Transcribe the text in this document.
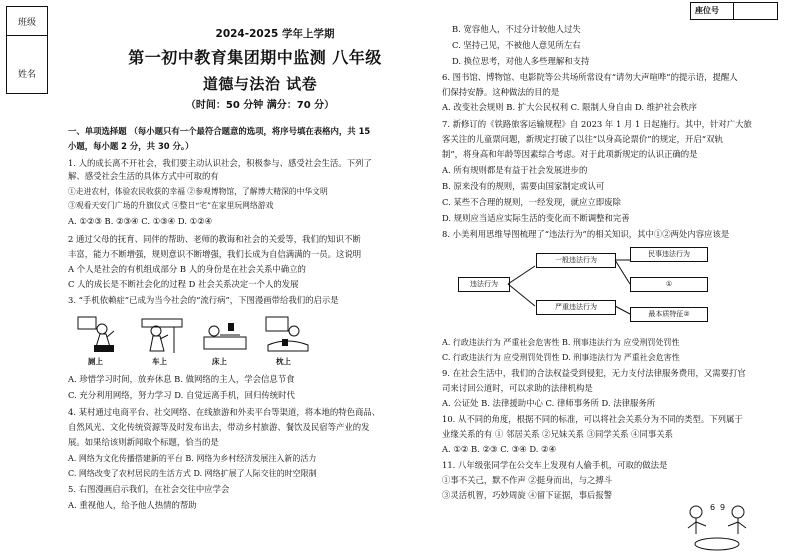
班级
姓名
座位号
2024-2025 学年上学期
第一初中教育集团期中监测 八年级
道德与法治 试卷
（时间：50 分钟 满分：70 分）
一、单项选择题 （每小题只有一个最符合题意的选项，将序号填在表格内，共 15
小题，每小题 2 分，共 30 分。）
1. 人的成长离不开社会，我们要主动认识社会，积极参与、感受社会生活。下列了
解、感受社会生活的具体方式中可取的有
①走进农村，体验农民收获的幸福 ②参观博物馆，了解博大精深的中华文明
③观看天安门广场的升旗仪式 ④整日“宅”在家里玩网络游戏
A. ①②③ B. ②③④ C. ①③④ D. ①②④
2 通过父母的抚育、同伴的帮助、老师的教诲和社会的关爱等，我们的知识不断
丰富，能力不断增强，规则意识不断增强，我们长成为自信满满的一员。这说明
A 个人是社会的有机组成部分 B 人的身份是在社会关系中确立的
C 人的成长是不断社会化的过程 D 社会关系决定一个人的发展
3. “手机依赖症”已成为当今社会的“流行病”，下图漫画带给我们的启示是
厕上	车上	床上	枕上
A. 珍惜学习时间，放弃休息 B. 做网络的主人，学会信息节食
C. 充分利用网络，努力学习 D. 自觉远离手机，回归传统时代
4. 某村通过电商平台、社交网络、在线旅游和外卖平台等渠道，将本地的特色商品、
自然风光、文化传统资源等及时发布出去，带动乡村旅游、餐饮及民宿等产业的发
展。如果给该则新闻取个标题，恰当的是
A. 网络为文化传播搭建新的平台 B. 网络为乡村经济发展注入新的活力
C. 网络改变了农村居民的生活方式 D. 网络扩展了人际交往的时空限制
5. 右图漫画启示我们，在社会交往中应学会
A. 重视他人，给予他人热情的帮助
B. 宽容他人，不过分计较他人过失
C. 坚持己见，不被他人意见所左右
D. 换位思考，对他人多些理解和支持
6. 图书馆、博物馆、电影院等公共场所常设有“请勿大声喧哗”的提示语，提醒人
们保持安静。这种做法的目的是
A. 改变社会规则 B. 扩大公民权利 C. 限制人身自由 D. 维护社会秩序
7. 新修订的《铁路旅客运输规程》自 2023 年 1 月 1 日起施行。其中，针对广大旅
客关注的儿童票问题，新规定打破了以往“以身高论票价”的规定，开启“双轨
制”，将身高和年龄等因素综合考虑。对于此项新规定的认识正确的是
A. 所有规则都是有益于社会发展进步的
B. 原来没有的规则，需要由国家制定或认可
C. 某些不合理的规则，一经发现，就应立即废除
D. 规则应当适应实际生活的变化而不断调整和完善
8. 小美利用思维导图梳理了“违法行为”的相关知识，其中①②两处内容应该是
违法行为
一般违法行为
严重违法行为
民事违法行为
①
最本质特征②
A. 行政违法行为 严重社会危害性 B. 刑事违法行为 应受刑罚处罚性
C. 行政违法行为 应受刑罚处罚性 D. 刑事违法行为 严重社会危害性
9. 在社会生活中，我们的合法权益受到侵犯，无力支付法律服务费用，又需要打官
司来讨回公道时，可以求助的法律机构是
A. 公证处 B. 法律援助中心 C. 律师事务所 D. 法律服务所
10. 从不同的角度，根据不同的标准，可以将社会关系分为不同的类型。下列属于
业缘关系的有 ① 邻居关系 ②兄妹关系 ③同学关系 ④同事关系
A. ①② B. ②③ C. ③④ D. ②④
11. 八年级张同学在公交车上发现有人偷手机，可取的做法是
①事不关己，默不作声 ②挺身而出，与之搏斗
③灵活机智，巧妙周旋 ④留下证据，事后报警
6 9
